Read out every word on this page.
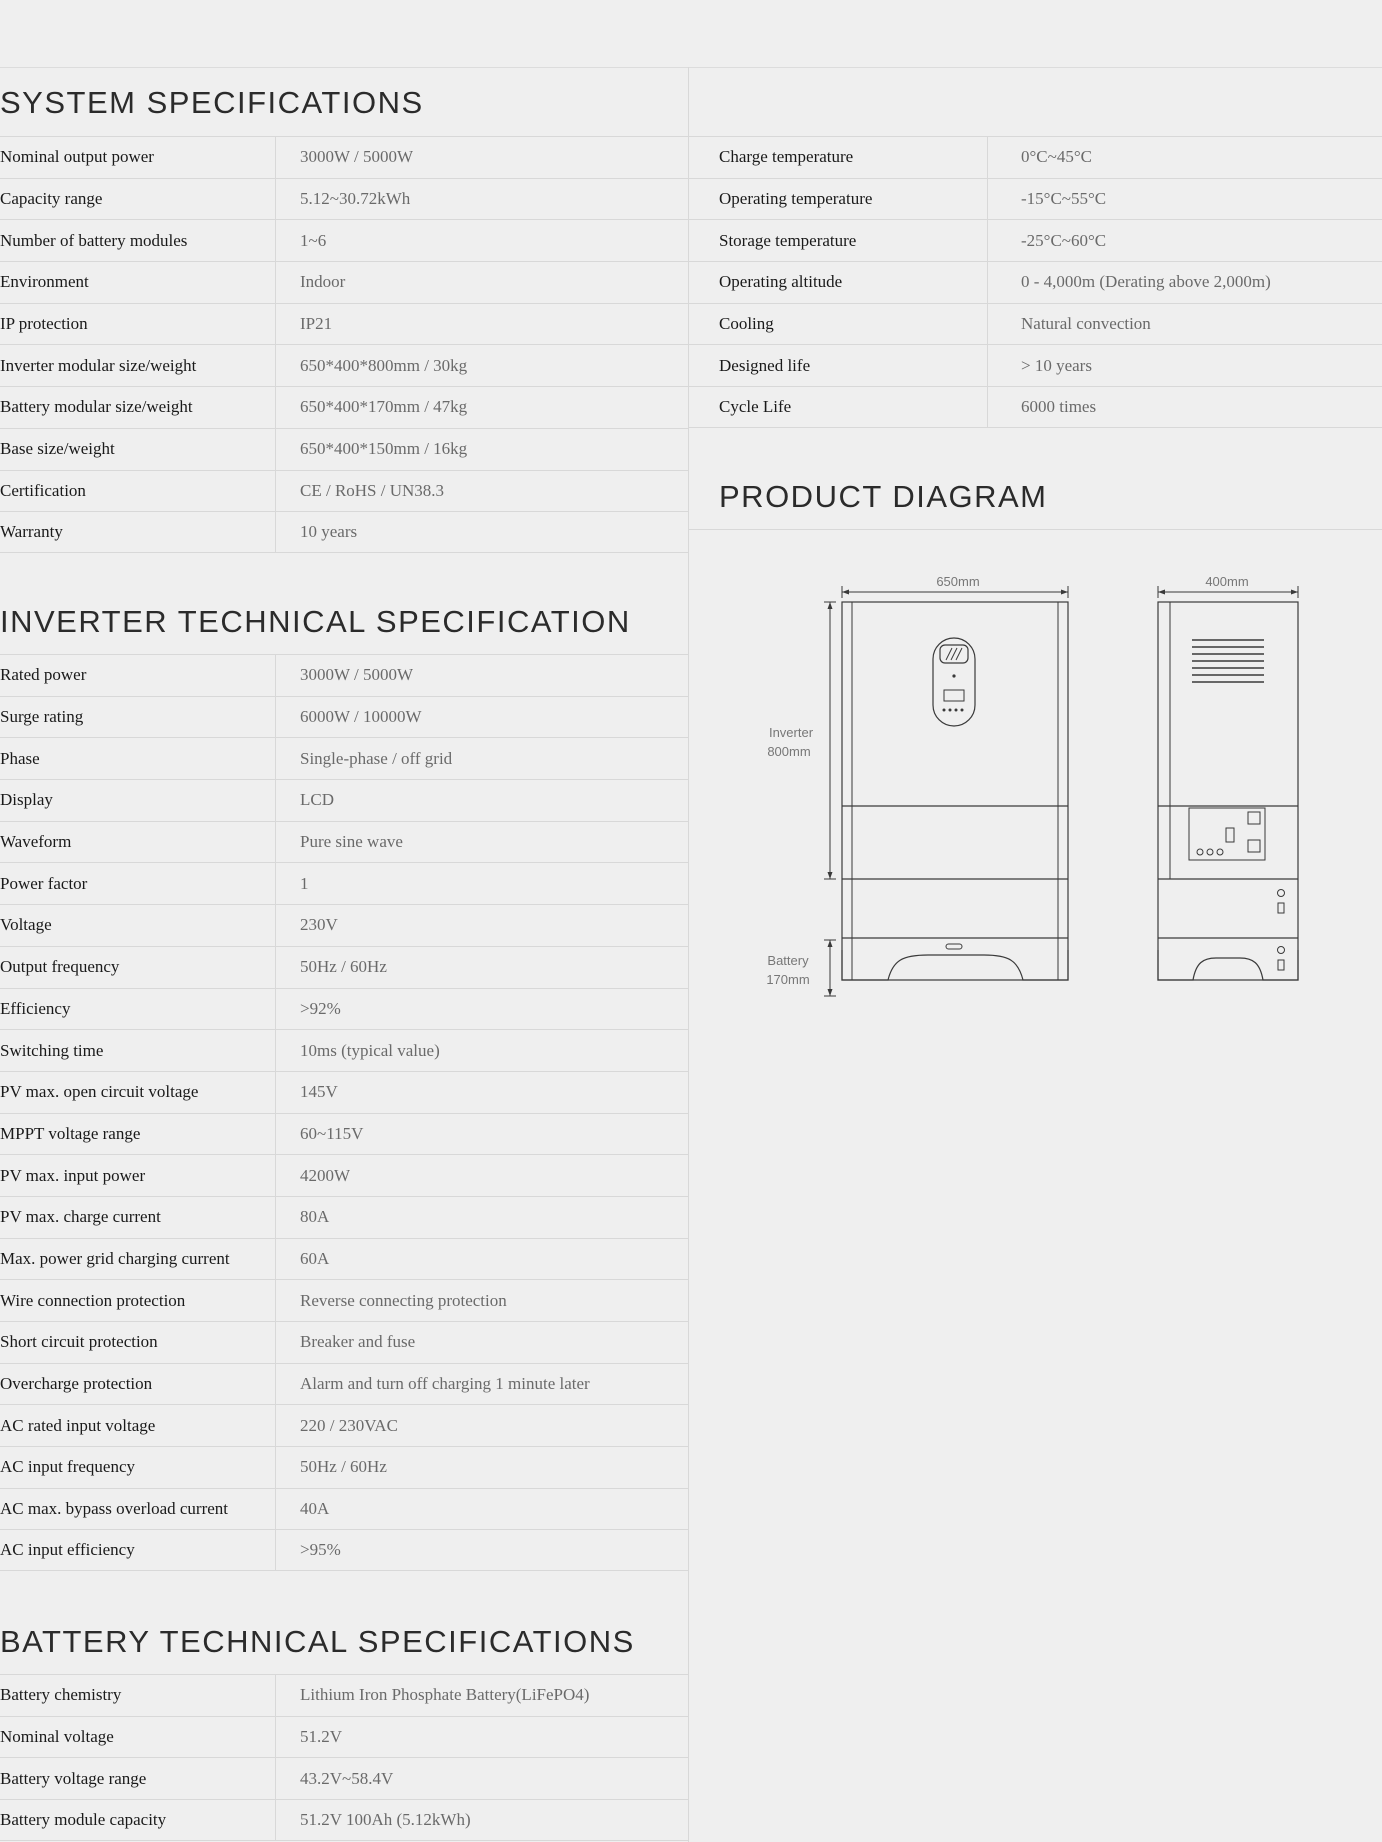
SYSTEM SPECIFICATIONS
Nominal output power	3000W / 5000W
Capacity range	5.12~30.72kWh
Number of battery modules	1~6
Environment	Indoor
IP protection	IP21
Inverter modular size/weight	650*400*800mm / 30kg
Battery modular size/weight	650*400*170mm / 47kg
Base size/weight	650*400*150mm / 16kg
Certification	CE / RoHS / UN38.3
Warranty	10 years
Charge temperature	0°C~45°C
Operating temperature	-15°C~55°C
Storage temperature	-25°C~60°C
Operating altitude	0 - 4,000m (Derating above 2,000m)
Cooling	Natural convection
Designed life	> 10 years
Cycle Life	6000 times
INVERTER TECHNICAL SPECIFICATION
Rated power	3000W / 5000W
Surge rating	6000W / 10000W
Phase	Single-phase / off grid
Display	LCD
Waveform	Pure sine wave
Power factor	1
Voltage	230V
Output frequency	50Hz / 60Hz
Efficiency	>92%
Switching time	10ms (typical value)
PV max. open circuit voltage	145V
MPPT voltage range	60~115V
PV max. input power	4200W
PV max. charge current	80A
Max. power grid charging current	60A
Wire connection protection	Reverse connecting protection
Short circuit protection	Breaker and fuse
Overcharge protection	Alarm and turn off charging 1 minute later
AC rated input voltage	220 / 230VAC
AC input frequency	50Hz / 60Hz
AC max. bypass overload current	40A
AC input efficiency	>95%
BATTERY TECHNICAL SPECIFICATIONS
Battery chemistry	Lithium Iron Phosphate Battery(LiFePO4)
Nominal voltage	51.2V
Battery voltage range	43.2V~58.4V
Battery module capacity	51.2V 100Ah (5.12kWh)
PRODUCT DIAGRAM
650mm
Inverter
800mm
Battery
170mm
400mm
